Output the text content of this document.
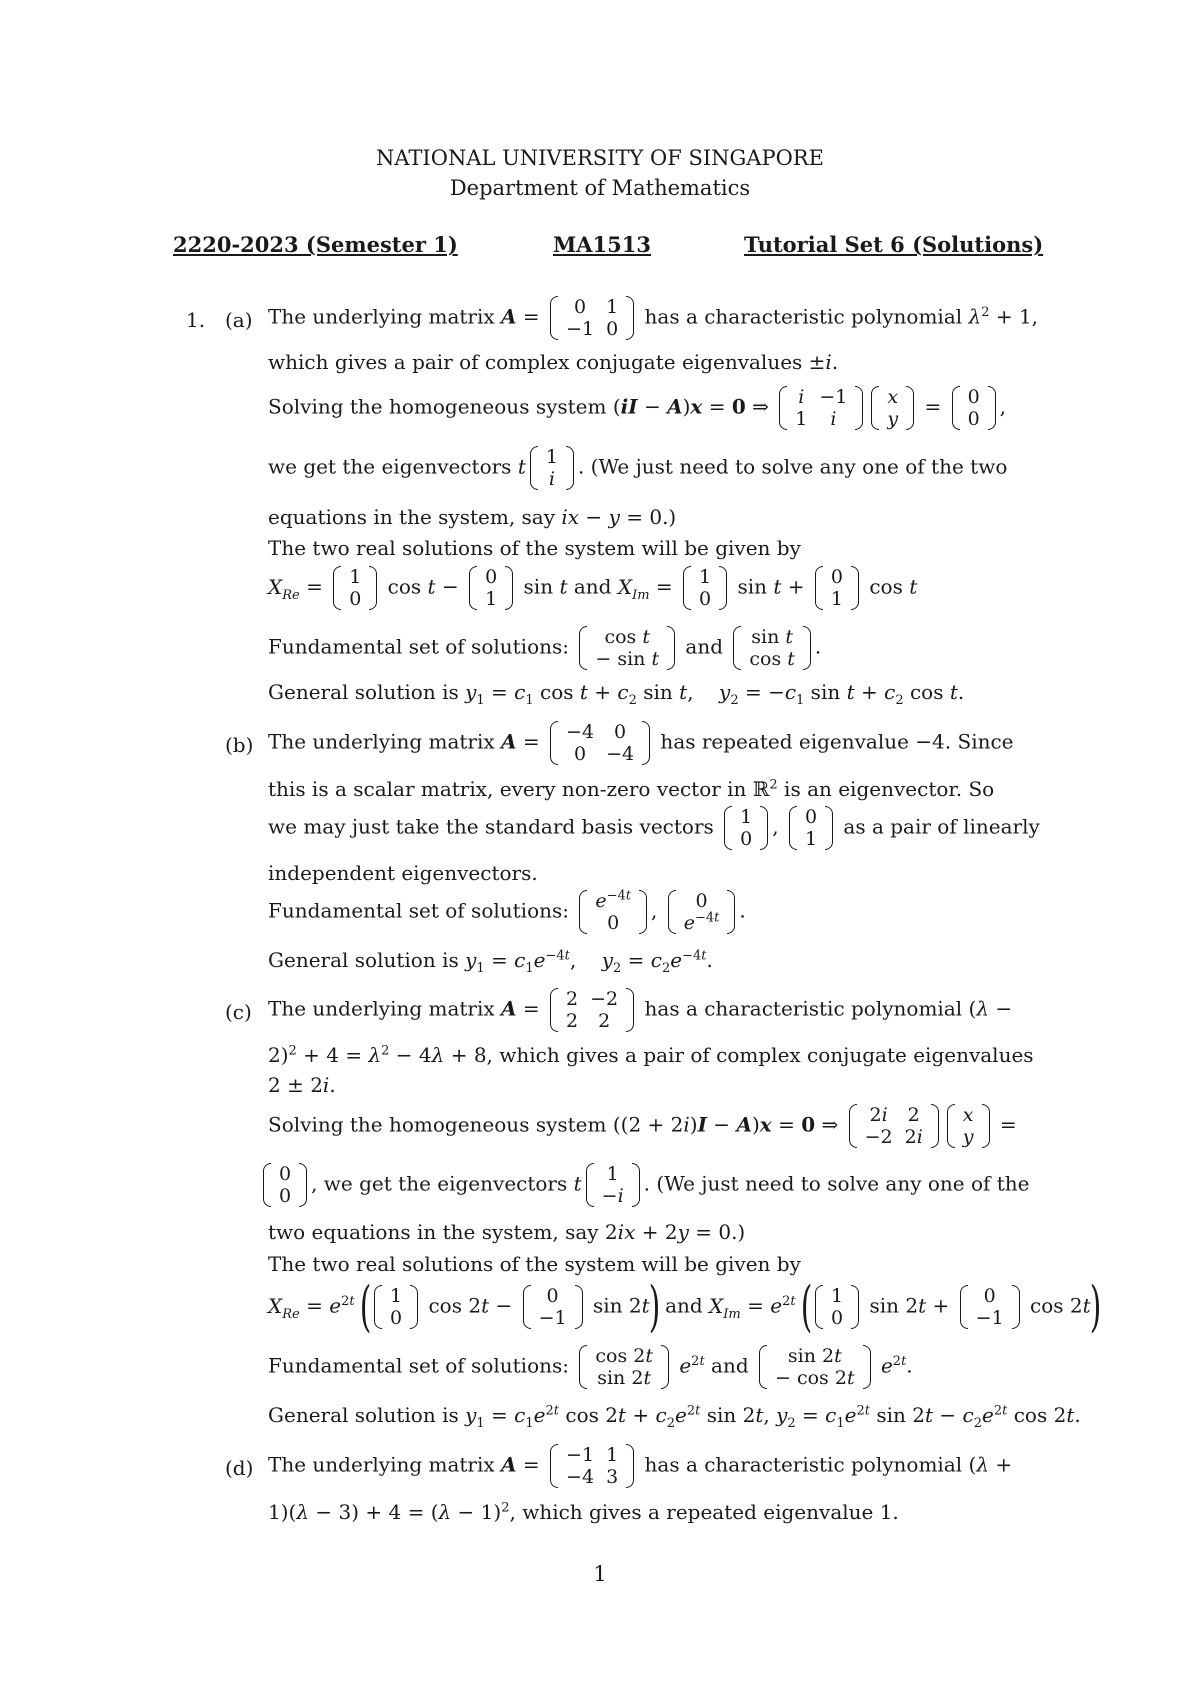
NATIONAL UNIVERSITY OF SINGAPORE
Department of Mathematics
2220-2023 (Semester 1)	MA1513	Tutorial Set 6 (Solutions)
1. (a) The underlying matrix A = 0	1
−1	0
has a characteristic polynomial $\lambda^2 + 1$,
which gives a pair of complex conjugate eigenvalues ±i.
Solving the homogeneous system (iI − A)x = 0 ⇒ i	−1
1	i
x
y
= 0
0
,
we get the eigenvectors t 1
i
. (We just need to solve any one of the two
equations in the system, say ix − y = 0.)
The two real solutions of the system will be given by
$X_{Re} = 1$
0
cos t − 0
1
sin t and $X_{Im} = 1$
0
sin t + 0
1
cos t
Fundamental set of solutions: cos t
− sin t
and sin t
cos t
.
General solution is $y_1 = c_1$ $\cos t + c_2$ sin t,    $y_2 = -c_1$ $\sin t + c_2$ cos t.
(b) The underlying matrix A = −4	0
0	−4
has repeated eigenvalue −4. Since
this is a scalar matrix, every non-zero vector in ℝ$^2$ is an eigenvector. So
we may just take the standard basis vectors 1
0
, 0
1
as a pair of linearly
independent eigenvectors.
Fundamental set of solutions: $e^{-4t}$
0
, 0
$e^{-4t}$ .
General solution is $y_1 = c_1e^{-4t}$,    $y_2 = c_2e^{-4t}$.
(c) The underlying matrix A = 2	−2
2	2
has a characteristic polynomial (λ −
$2)^2 + 4 = \lambda^2 - 4\lambda + 8$, which gives a pair of complex conjugate eigenvalues
2 ± 2i.
Solving the homogeneous system ((2 + 2i)I − A)x = 0 ⇒ 2i	2
−2	2i
x
y
=
0
0
, we get the eigenvectors t 1
−i
. (We just need to solve any one of the
two equations in the system, say 2ix + 2y = 0.)
The two real solutions of the system will be given by
$X_{Re} = e^{2t}$ ( 1
0
cos 2t − 0
−1
sin 2t) and $X_{Im} = e^{2t}$ ( 1
0
sin 2t + 0
−1
cos 2t)
Fundamental set of solutions: cos 2t
sin 2t
$e^{2t}$ and sin 2t
− cos 2t
$e^{2t}$.
General solution is $y_1 = c_1e^{2t}$ $\cos 2t + c_2e^{2t}$ sin 2t, $y_2 = c_1e^{2t}$ $\sin 2t - c_2e^{2t}$ cos 2t.
(d) The underlying matrix A = −1	1
−4	3
has a characteristic polynomial (λ +
$1)(\lambda - 3) + 4 = (\lambda - 1)^2$, which gives a repeated eigenvalue 1.
1
